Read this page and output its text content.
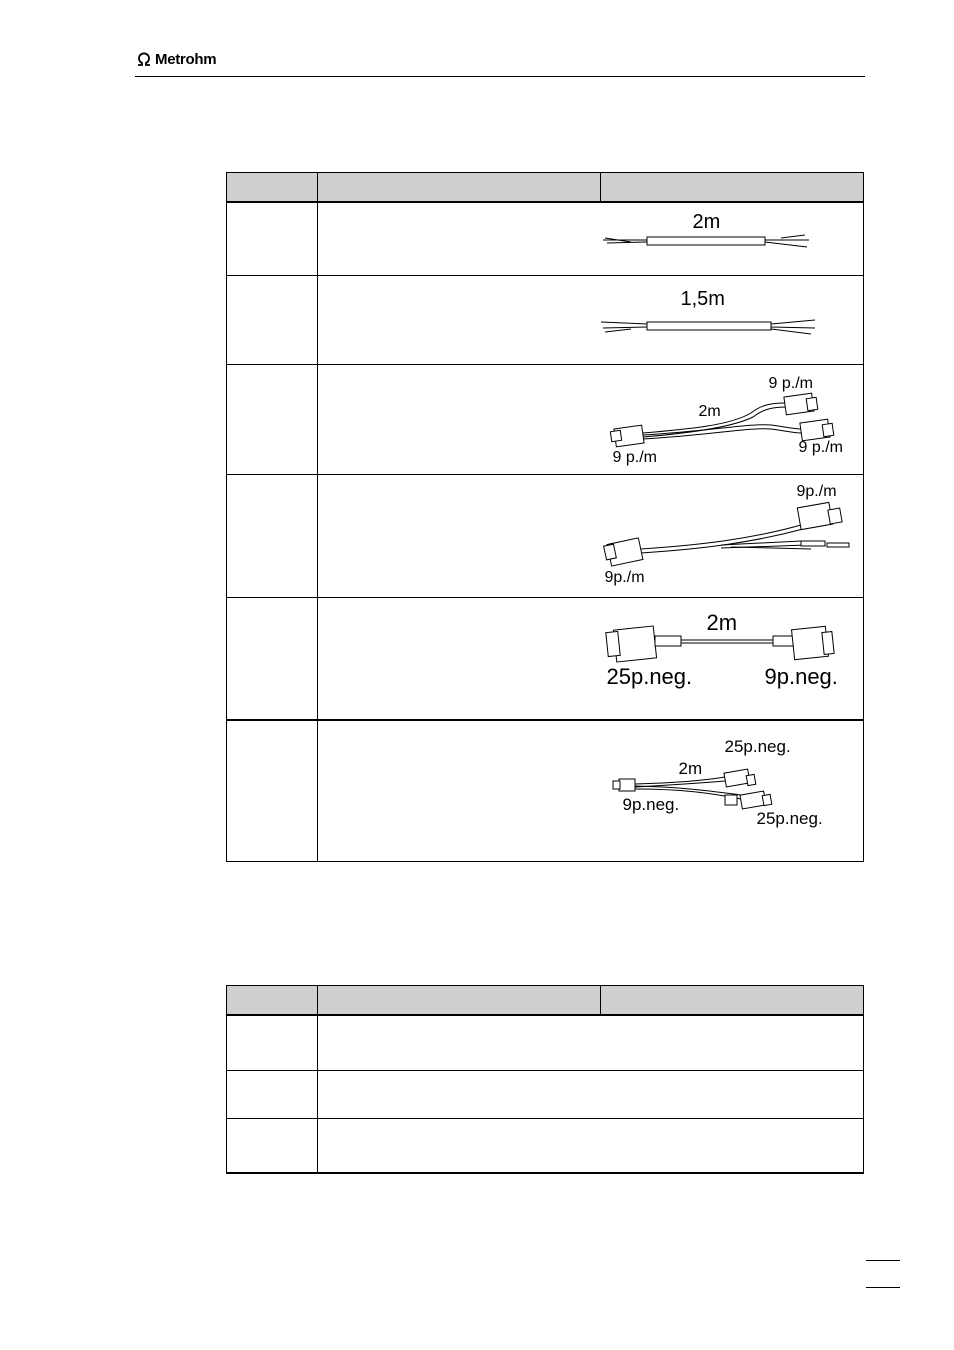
Metrohm

		2m

		1,5m

		9 p./m
2m
9 p./m
9 p./m

		9p./m
9p./m

		2m
25p.neg. 9p.neg.

		25p.neg.
2m
9p.neg.
25p.neg.
